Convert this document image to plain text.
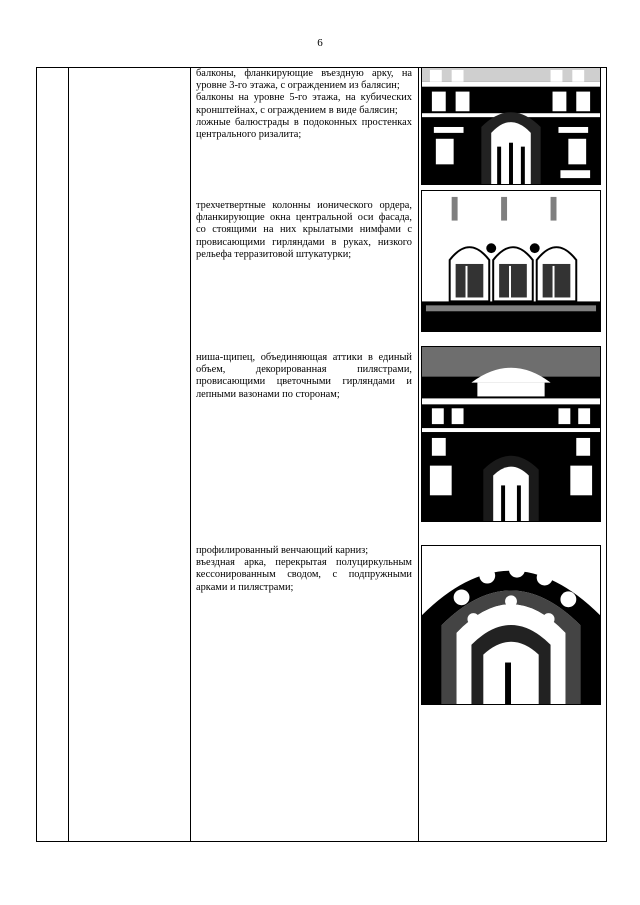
6

балконы, фланкирующие въездную арку, на уровне 3-го этажа, с ограждением из балясин;

балконы на уровне 5-го этажа, на кубических кронштейнах, с ограждением в виде балясин;

ложные балюстрады в подоконных простенках центрального ризалита;

трехчетвертные колонны ионического ордера, фланкирующие окна центральной оси фасада, со стоящими на них крылатыми нимфами с провисающими гирляндами в руках, низкого рельефа терразитовой штукатурки;

ниша-щипец, объединяющая аттики в единый объем, декорированная пилястрами, провисающими цветочными гирляндами и лепными вазонами по сторонам;

профилированный венчающий карниз;

въездная арка, перекрытая полуциркульным кессонированным сводом, с подпружными арками и пилястрами;
